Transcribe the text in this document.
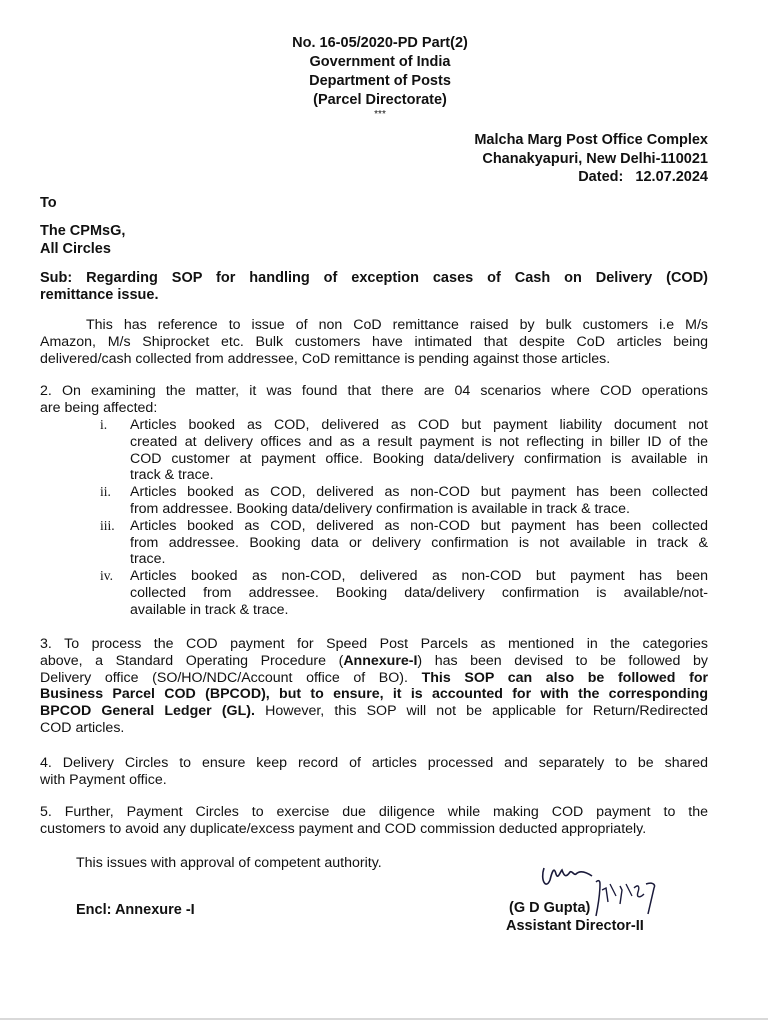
No. 16-05/2020-PD Part(2)
Government of India
Department of Posts
(Parcel Directorate)
***
Malcha Marg Post Office Complex
Chanakyapuri, New Delhi-110021
Dated: 12.07.2024
To
The CPMsG,
All Circles
Sub: Regarding SOP for handling of exception cases of Cash on Delivery (COD)
remittance issue.
This has reference to issue of non CoD remittance raised by bulk customers i.e M/s
Amazon, M/s Shiprocket etc. Bulk customers have intimated that despite CoD articles being
delivered/cash collected from addressee, CoD remittance is pending against those articles.
2. On examining the matter, it was found that there are 04 scenarios where COD operations
are being affected:
i.	Articles booked as COD, delivered as COD but payment liability document not
created at delivery offices and as a result payment is not reflecting in biller ID of the
COD customer at payment office. Booking data/delivery confirmation is available in
track & trace.
ii.	Articles booked as COD, delivered as non-COD but payment has been collected
from addressee. Booking data/delivery confirmation is available in track & trace.
iii.	Articles booked as COD, delivered as non-COD but payment has been collected
from addressee. Booking data or delivery confirmation is not available in track &
trace.
iv.	Articles booked as non-COD, delivered as non-COD but payment has been
collected from addressee. Booking data/delivery confirmation is available/not-
available in track & trace.
3. To process the COD payment for Speed Post Parcels as mentioned in the categories
above, a Standard Operating Procedure (Annexure-I) has been devised to be followed by
Delivery office (SO/HO/NDC/Account office of BO). This SOP can also be followed for
Business Parcel COD (BPCOD), but to ensure, it is accounted for with the corresponding
BPCOD General Ledger (GL). However, this SOP will not be applicable for Return/Redirected
COD articles.
4. Delivery Circles to ensure keep record of articles processed and separately to be shared
with Payment office.
5. Further, Payment Circles to exercise due diligence while making COD payment to the
customers to avoid any duplicate/excess payment and COD commission deducted appropriately.
This issues with approval of competent authority.
Encl: Annexure -I	(G D Gupta)
Assistant Director-II
